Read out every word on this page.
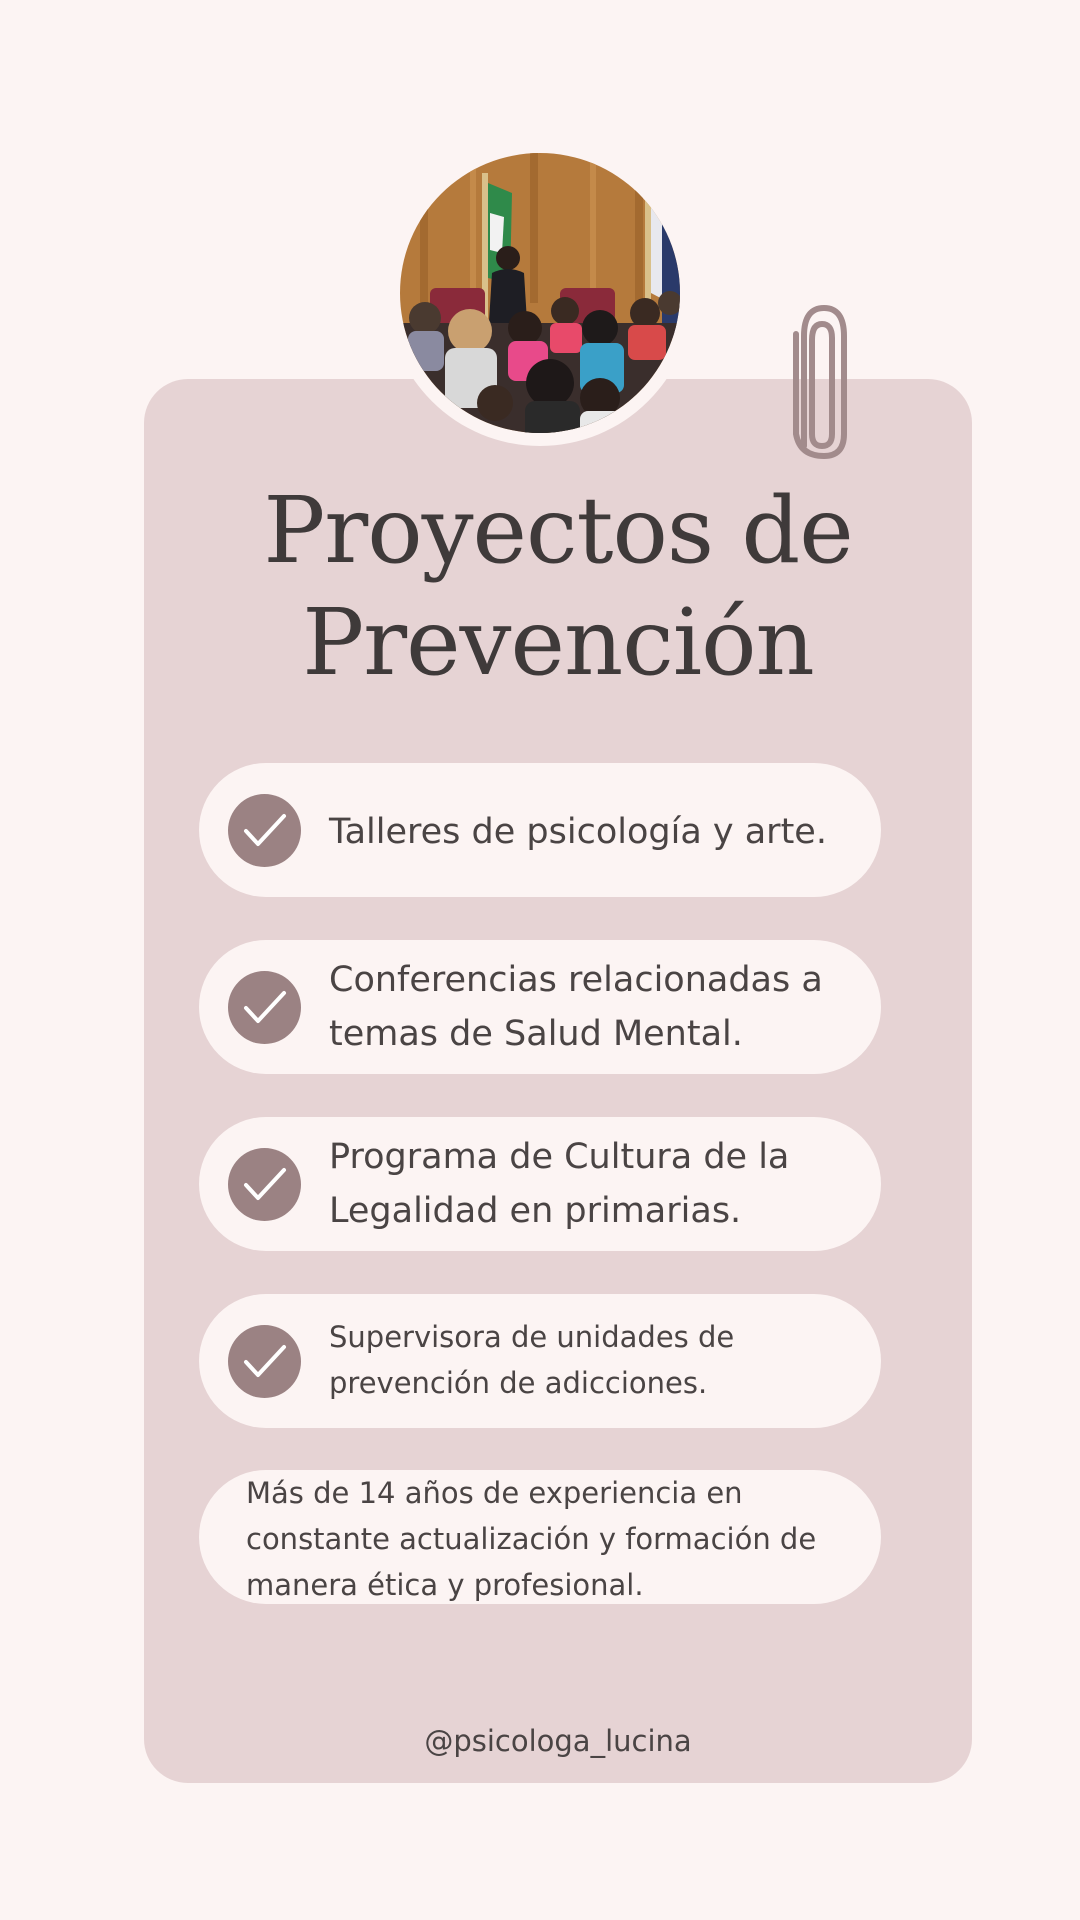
Proyectos de
Prevención
Talleres de psicología y arte.
Conferencias relacionadas a
temas de Salud Mental.
Programa de Cultura de la
Legalidad en primarias.
Supervisora de unidades de
prevención de adicciones.
Más de 14 años de experiencia en
constante actualización y formación de
manera ética y profesional.
@psicologa_lucina
